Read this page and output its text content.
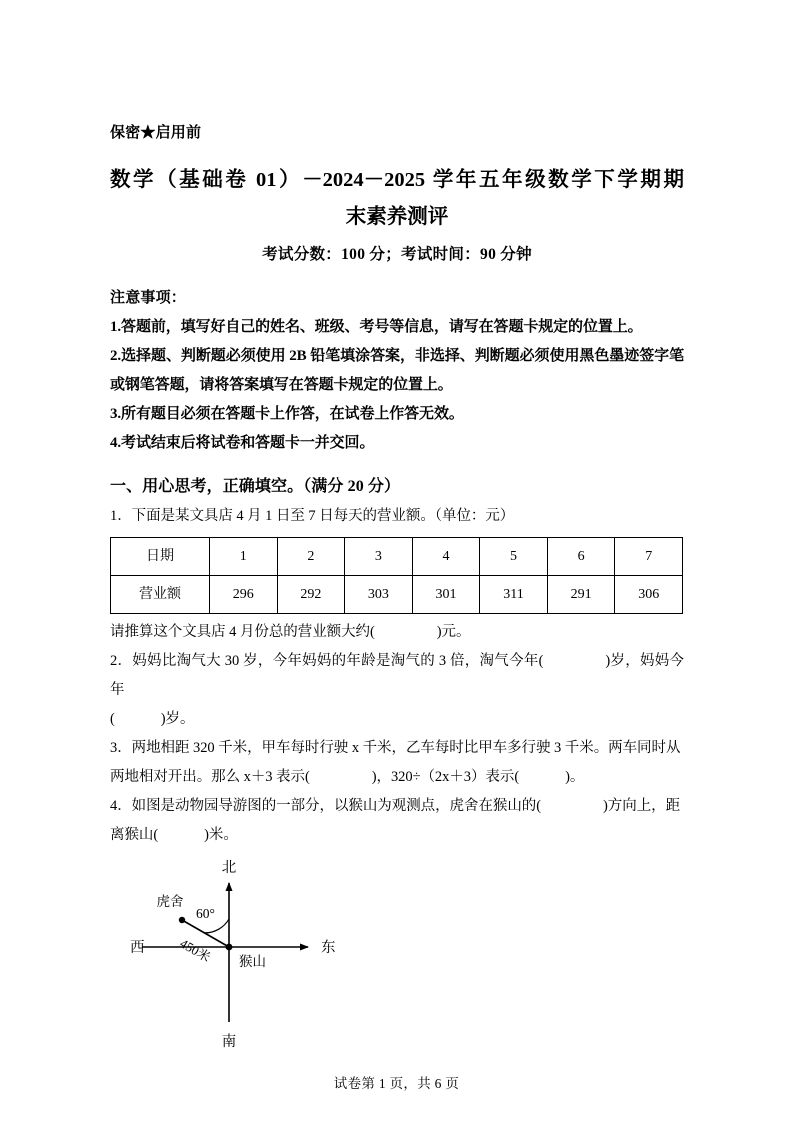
保密★启用前
数学（基础卷 01）－2024－2025 学年五年级数学下学期期
末素养测评
考试分数：100 分；考试时间：90 分钟
注意事项：
1.答题前，填写好自己的姓名、班级、考号等信息，请写在答题卡规定的位置上。
2.选择题、判断题必须使用 2B 铅笔填涂答案，非选择、判断题必须使用黑色墨迹签字笔或钢笔答题，请将答案填写在答题卡规定的位置上。
3.所有题目必须在答题卡上作答，在试卷上作答无效。
4.考试结束后将试卷和答题卡一并交回。
一、用心思考，正确填空。（满分 20 分）
1．下面是某文具店 4 月 1 日至 7 日每天的营业额。（单位：元）
日期	1	2	3	4	5	6	7
营业额	296	292	303	301	311	291	306
请推算这个文具店 4 月份总的营业额大约(	)元。
2．妈妈比淘气大 30 岁，今年妈妈的年龄是淘气的 3 倍，淘气今年(	)岁，妈妈今年
(	)岁。
3．两地相距 320 千米，甲车每时行驶 x 千米，乙车每时比甲车多行驶 3 千米。两车同时从
两地相对开出。那么 x＋3 表示(	)，320÷（2x＋3）表示(	)。
4．如图是动物园导游图的一部分，以猴山为观测点，虎舍在猴山的(	)方向上，距
离猴山(	)米。
北
南
东
西
猴山
虎舍
60°
450米
试卷第 1 页，共 6 页
